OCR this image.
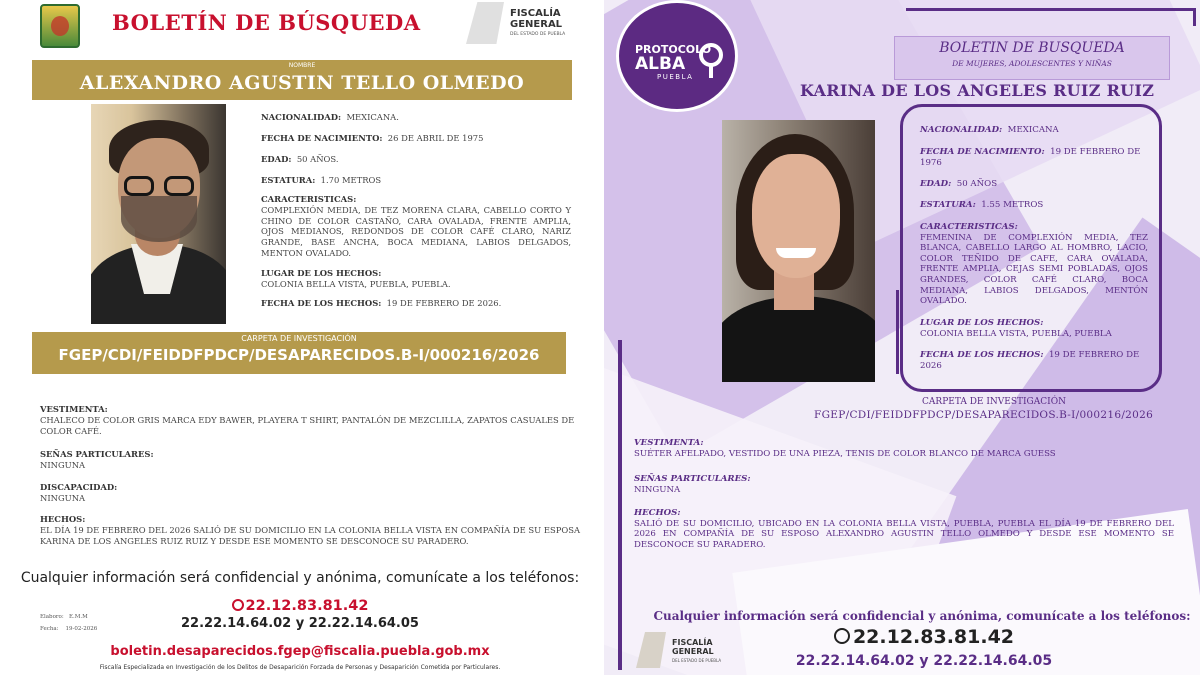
BOLETÍN DE BÚSQUEDA	FISCALÍA GENERAL
DEL ESTADO DE PUEBLA
NOMBRE
ALEXANDRO AGUSTIN TELLO OLMEDO
NACIONALIDAD: MEXICANA.
FECHA DE NACIMIENTO: 26 DE ABRIL DE 1975
EDAD: 50 AÑOS.
ESTATURA: 1.70 METROS
CARACTERISTICAS:

COMPLEXIÓN MEDIA, DE TEZ MORENA CLARA, CABELLO CORTO Y CHINO DE COLOR CASTAÑO, CARA OVALADA, FRENTE AMPLIA, OJOS MEDIANOS, REDONDOS DE COLOR CAFÉ CLARO, NARIZ GRANDE, BASE ANCHA, BOCA MEDIANA, LABIOS DELGADOS, MENTON OVALADO.
LUGAR DE LOS HECHOS:
COLONIA BELLA VISTA, PUEBLA, PUEBLA.
FECHA DE LOS HECHOS: 19 DE FEBRERO DE 2026.
CARPETA DE INVESTIGACIÓN
FGEP/CDI/FEIDDFPDCP/DESAPARECIDOS.B-I/000216/2026
VESTIMENTA:
CHALECO DE COLOR GRIS MARCA EDY BAWER, PLAYERA T SHIRT, PANTALÓN DE MEZCLILLA, ZAPATOS CASUALES DE COLOR CAFÉ.
SEÑAS PARTICULARES:
NINGUNA
DISCAPACIDAD:
NINGUNA
HECHOS:

EL DÍA 19 DE FEBRERO DEL 2026 SALIÓ DE SU DOMICILIO EN LA COLONIA BELLA VISTA EN COMPAÑÍA DE SU ESPOSA KARINA DE LOS ANGELES RUIZ RUIZ Y DESDE ESE MOMENTO SE DESCONOCE SU PARADERO.
Cualquier información será confidencial y anónima, comunícate a los teléfonos:
Elaboro: E.M.M
Fecha: 19-02-2026
22.12.83.81.42
22.22.14.64.02 y 22.22.14.64.05
boletin.desaparecidos.fgep@fiscalia.puebla.gob.mx
Fiscalía Especializada en Investigación de los Delitos de Desaparición Forzada de Personas y Desaparición Cometida por Particulares.
PROTOCOLO
ALBA
PUEBLA
BOLETIN DE BUSQUEDA
DE MUJERES, ADOLESCENTES Y NIÑAS
KARINA DE LOS ANGELES RUIZ RUIZ
NACIONALIDAD: MEXICANA
FECHA DE NACIMIENTO: 19 DE FEBRERO DE 1976
EDAD: 50 AÑOS
ESTATURA: 1.55 METROS
CARACTERISTICAS:

FEMENINA DE COMPLEXIÓN MEDIA, TEZ BLANCA, CABELLO LARGO AL HOMBRO, LACIO, COLOR TEÑIDO DE CAFE, CARA OVALADA, FRENTE AMPLIA, CEJAS SEMI POBLADAS, OJOS GRANDES, COLOR CAFÉ CLARO, BOCA MEDIANA, LABIOS DELGADOS, MENTÓN OVALADO.
LUGAR DE LOS HECHOS:
COLONIA BELLA VISTA, PUEBLA, PUEBLA
FECHA DE LOS HECHOS: 19 DE FEBRERO DE 2026
CARPETA DE INVESTIGACIÓN
FGEP/CDI/FEIDDFPDCP/DESAPARECIDOS.B-I/000216/2026
VESTIMENTA:
SUÉTER AFELPADO, VESTIDO DE UNA PIEZA, TENIS DE COLOR BLANCO DE MARCA GUESS
SEÑAS PARTICULARES:
NINGUNA
HECHOS:

SALIÓ DE SU DOMICILIO, UBICADO EN LA COLONIA BELLA VISTA, PUEBLA, PUEBLA EL DÍA 19 DE FEBRERO DEL 2026 EN COMPAÑÍA DE SU ESPOSO ALEXANDRO AGUSTIN TELLO OLMEDO Y DESDE ESE MOMENTO SE DESCONOCE SU PARADERO.
Cualquier información será confidencial y anónima, comunícate a los teléfonos:
FISCALÍA GENERAL
DEL ESTADO DE PUEBLA
22.12.83.81.42
22.22.14.64.02 y 22.22.14.64.05
